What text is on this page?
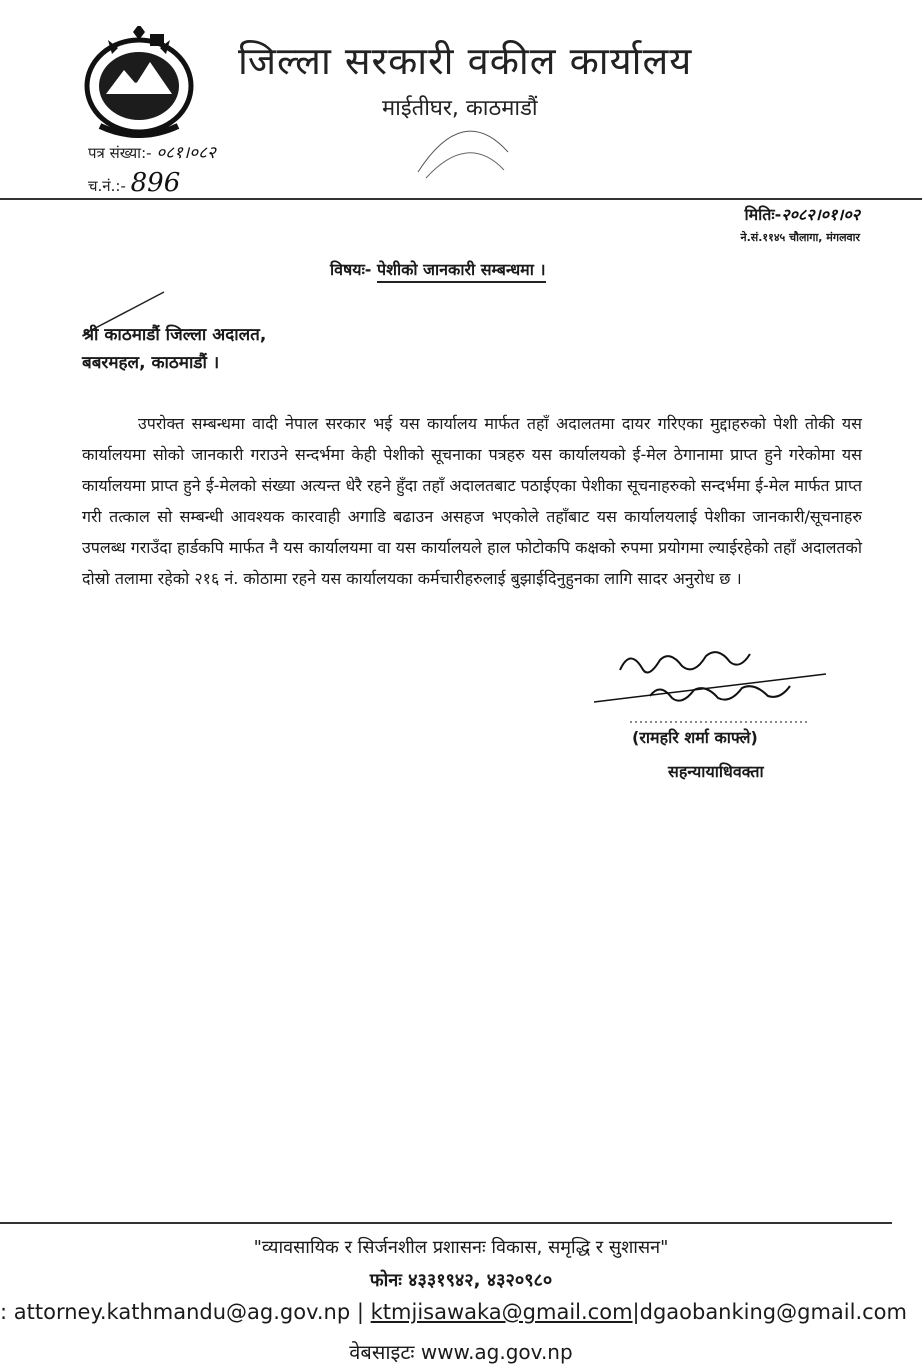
जिल्ला सरकारी वकील कार्यालय
माईतीघर, काठमाडौं
पत्र संख्या:- ०८१।०८२
च.नं.:- 896
मितिः-२०८२।०१।०२
ने.सं.११४५ चौलागा, मंगलवार
विषयः- पेशीको जानकारी सम्बन्धमा ।
श्री काठमाडौं जिल्ला अदालत,
बबरमहल, काठमाडौं ।
उपरोक्त सम्बन्धमा वादी नेपाल सरकार भई यस कार्यालय मार्फत तहाँ अदालतमा दायर गरिएका मुद्दाहरुको पेशी तोकी यस कार्यालयमा सोको जानकारी गराउने सन्दर्भमा केही पेशीको सूचनाका पत्रहरु यस कार्यालयको ई-मेल ठेगानामा प्राप्त हुने गरेकोमा यस कार्यालयमा प्राप्त हुने ई-मेलको संख्या अत्यन्त धेरै रहने हुँदा तहाँ अदालतबाट पठाईएका पेशीका सूचनाहरुको सन्दर्भमा ई-मेल मार्फत प्राप्त गरी तत्काल सो सम्बन्धी आवश्यक कारवाही अगाडि बढाउन असहज भएकोले तहाँबाट यस कार्यालयलाई पेशीका जानकारी/सूचनाहरु उपलब्ध गराउँदा हार्डकपि मार्फत नै यस कार्यालयमा वा यस कार्यालयले हाल फोटोकपि कक्षको रुपमा प्रयोगमा ल्याईरहेको तहाँ अदालतको दोस्रो तलामा रहेको २१६ नं. कोठामा रहने यस कार्यालयका कर्मचारीहरुलाई बुझाईदिनुहुनका लागि सादर अनुरोध छ ।
(रामहरि शर्मा काफ्ले)
सहन्यायाधिवक्ता
"व्यावसायिक र सिर्जनशील प्रशासनः विकास, समृद्धि र सुशासन"
फोनः ४३३१९४२, ४३२०९८०
: attorney.kathmandu@ag.gov.np | ktmjisawaka@gmail.com|dgaobanking@gmail.com
वेबसाइटः www.ag.gov.np
